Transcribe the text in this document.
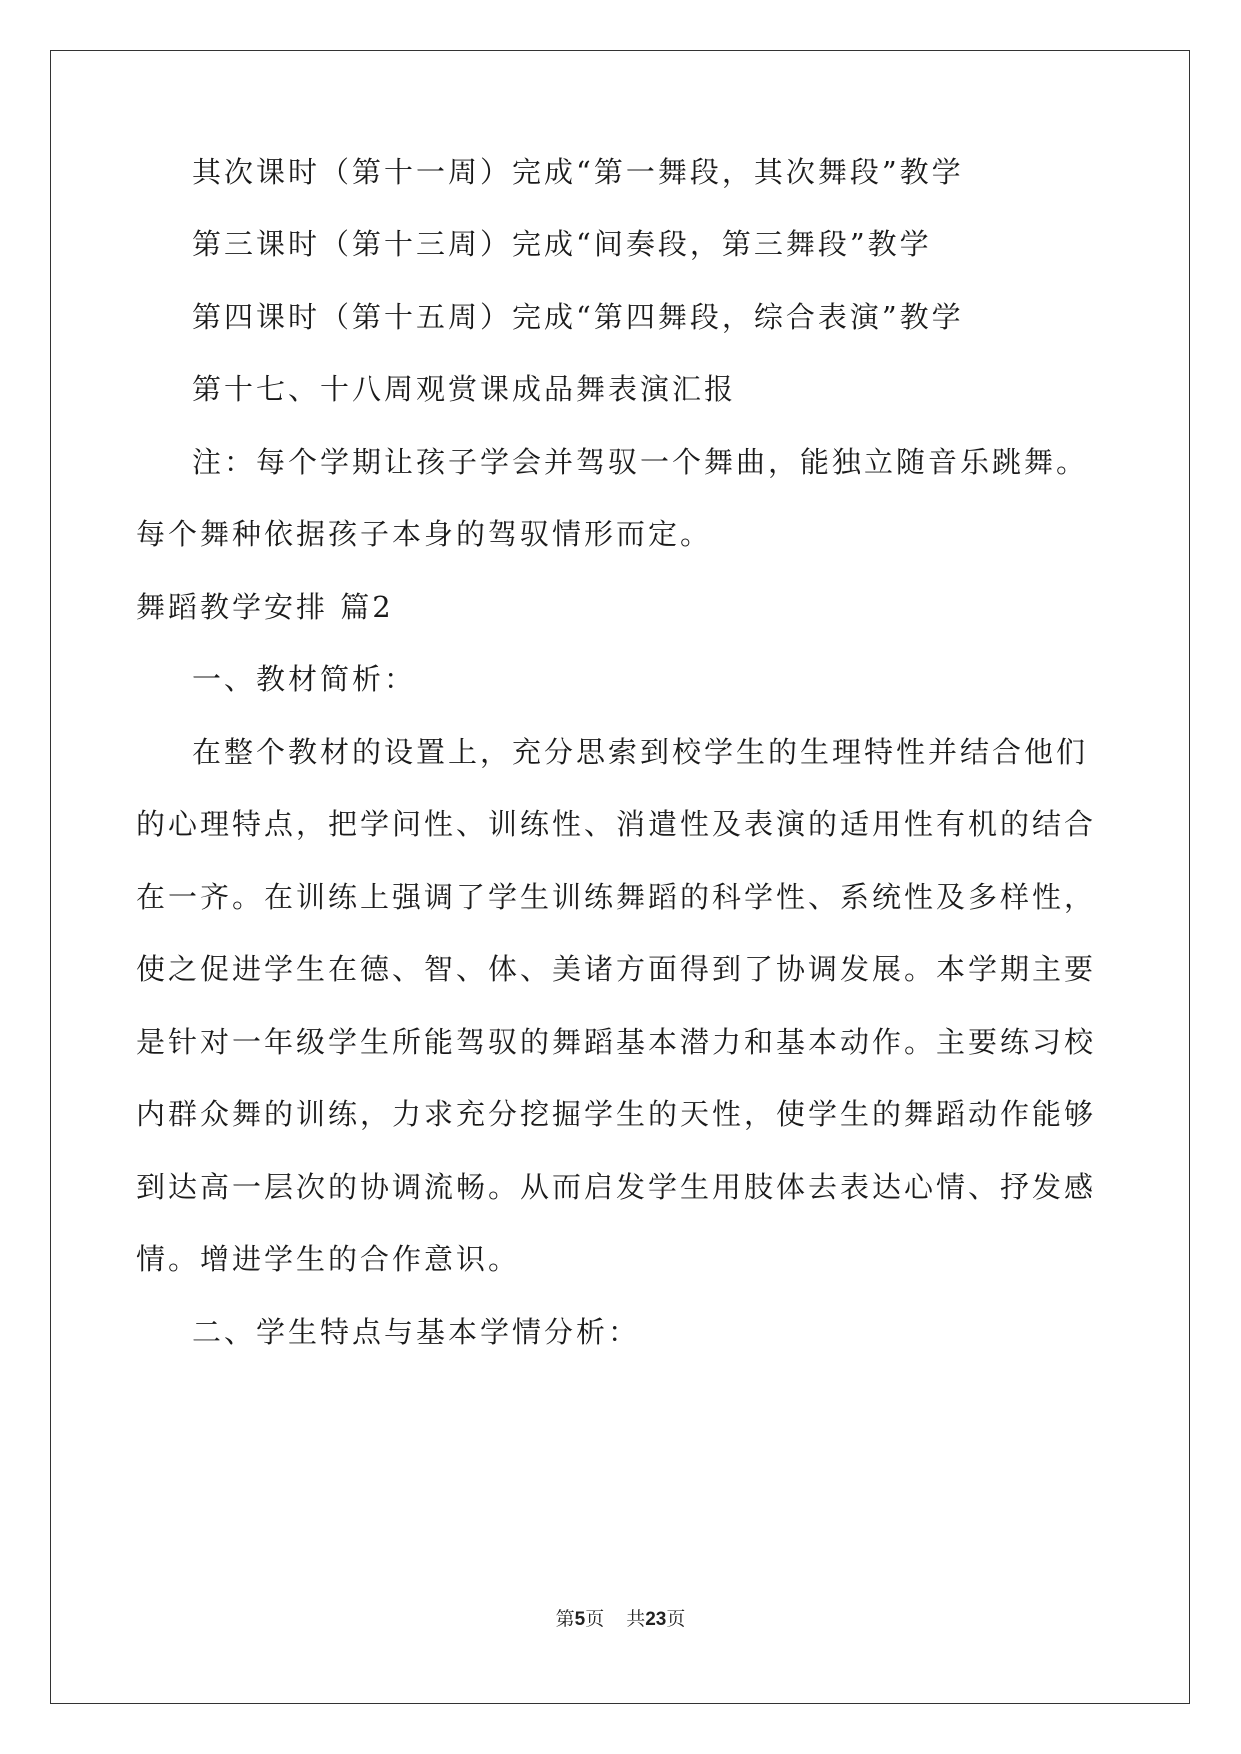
其次课时（第十一周）完成“第一舞段，其次舞段”教学

第三课时（第十三周）完成“间奏段，第三舞段”教学

第四课时（第十五周）完成“第四舞段，综合表演”教学

第十七、十八周观赏课成品舞表演汇报

注：每个学期让孩子学会并驾驭一个舞曲，能独立随音乐跳舞。

每个舞种依据孩子本身的驾驭情形而定。

舞蹈教学安排 篇2

一、教材简析：

在整个教材的设置上，充分思索到校学生的生理特性并结合他们

的心理特点，把学问性、训练性、消遣性及表演的适用性有机的结合

在一齐。在训练上强调了学生训练舞蹈的科学性、系统性及多样性，

使之促进学生在德、智、体、美诸方面得到了协调发展。本学期主要

是针对一年级学生所能驾驭的舞蹈基本潜力和基本动作。主要练习校

内群众舞的训练，力求充分挖掘学生的天性，使学生的舞蹈动作能够

到达高一层次的协调流畅。从而启发学生用肢体去表达心情、抒发感

情。增进学生的合作意识。

二、学生特点与基本学情分析：

第5页 共23页
